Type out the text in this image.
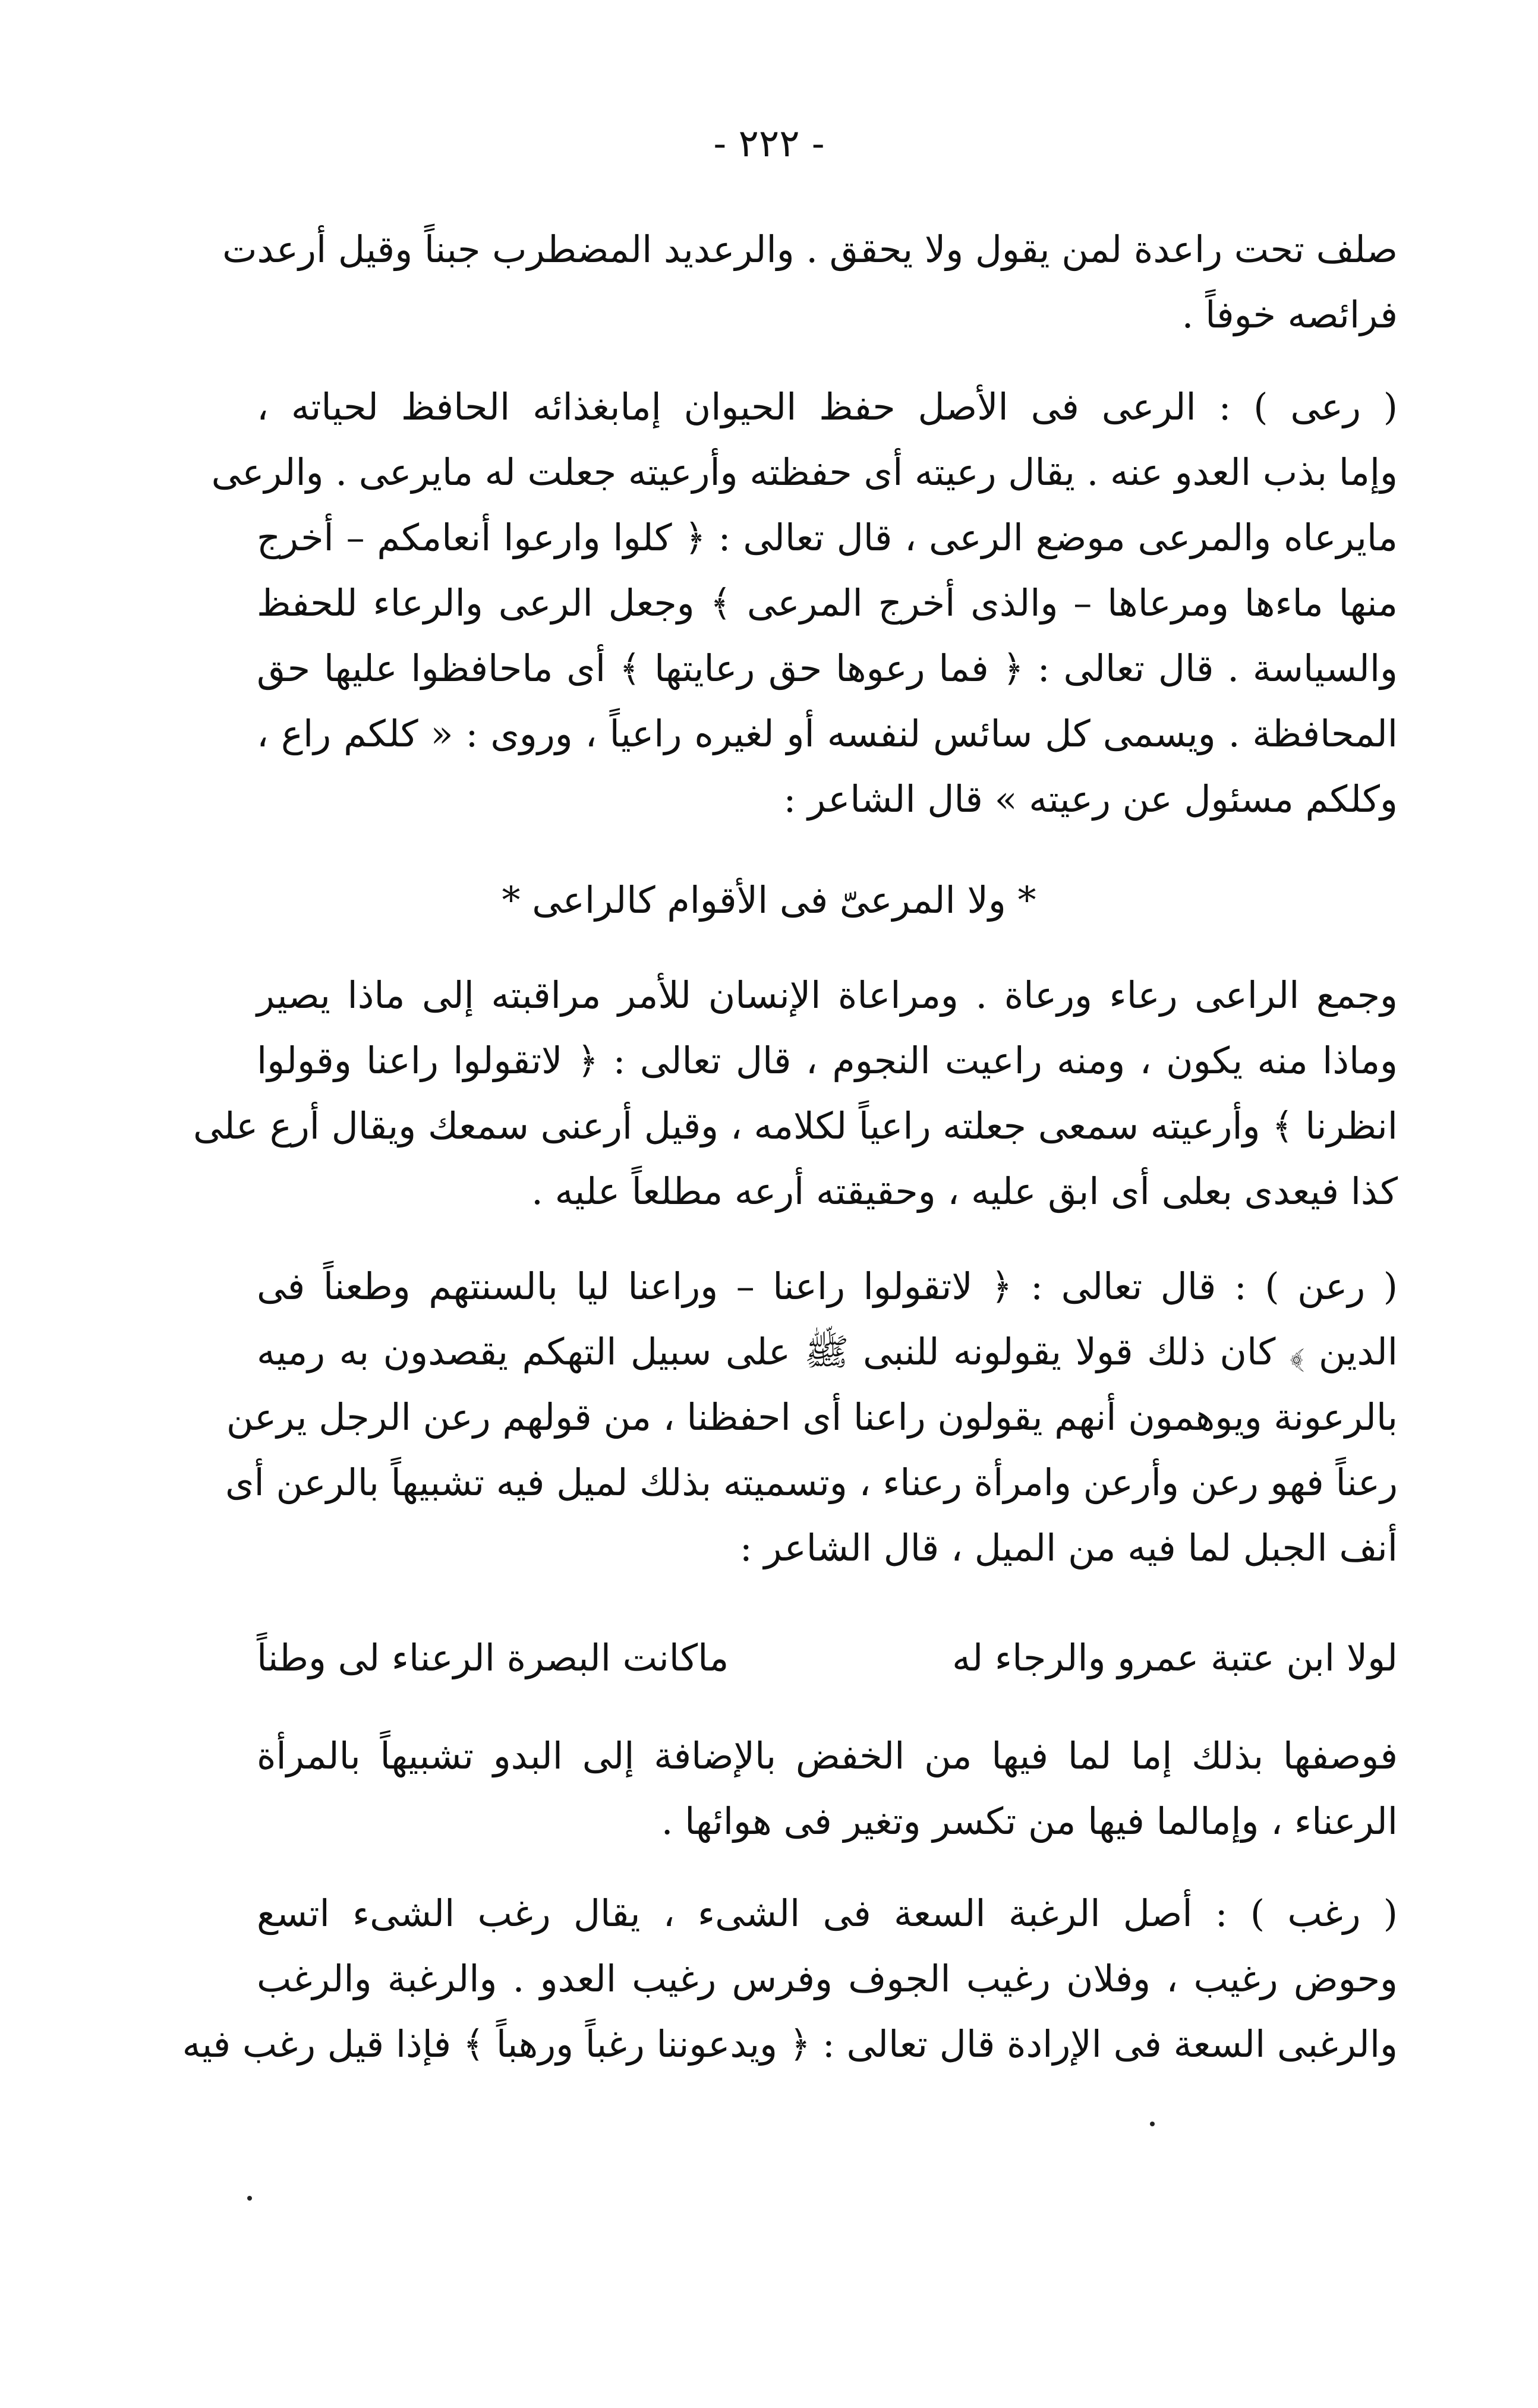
- ٢٢٢ -
صلف تحت راعدة لمن يقول ولا يحقق . والرعديد المضطرب جبناً وقيل أرعدت
فرائصه خوفاً .
( رعى ) : الرعى فى الأصل حفظ الحيوان إمابغذائه الحافظ لحياته ،
وإما بذب العدو عنه . يقال رعيته أى حفظته وأرعيته جعلت له مايرعى . والرعى
مايرعاه والمرعى موضع الرعى ، قال تعالى : ﴿ كلوا وارعوا أنعامكم – أخرج
منها ماءها ومرعاها – والذى أخرج المرعى ﴾ وجعل الرعى والرعاء للحفظ
والسياسة . قال تعالى : ﴿ فما رعوها حق رعايتها ﴾ أى ماحافظوا عليها حق
المحافظة . ويسمى كل سائس لنفسه أو لغيره راعياً ، وروى : « كلكم راع ،
وكلكم مسئول عن رعيته » قال الشاعر :
* ولا المرعىّ فى الأقوام كالراعى *
وجمع الراعى رعاء ورعاة . ومراعاة الإنسان للأمر مراقبته إلى ماذا يصير
وماذا منه يكون ، ومنه راعيت النجوم ، قال تعالى : ﴿ لاتقولوا راعنا وقولوا
انظرنا ﴾ وأرعيته سمعى جعلته راعياً لكلامه ، وقيل أرعنى سمعك ويقال أرع على
كذا فيعدى بعلى أى ابق عليه ، وحقيقته أرعه مطلعاً عليه .
( رعن ) : قال تعالى : ﴿ لاتقولوا راعنا – وراعنا ليا بالسنتهم وطعناً فى
الدين ﴾ كان ذلك قولا يقولونه للنبى ﷺ على سبيل التهكم يقصدون به رميه
بالرعونة ويوهمون أنهم يقولون راعنا أى احفظنا ، من قولهم رعن الرجل يرعن
رعناً فهو رعن وأرعن وامرأة رعناء ، وتسميته بذلك لميل فيه تشبيهاً بالرعن أى
أنف الجبل لما فيه من الميل ، قال الشاعر :
لولا ابن عتبة عمرو والرجاء له
ماكانت البصرة الرعناء لى وطناً
فوصفها بذلك إما لما فيها من الخفض بالإضافة إلى البدو تشبيهاً بالمرأة
الرعناء ، وإمالما فيها من تكسر وتغير فى هوائها .
( رغب ) : أصل الرغبة السعة فى الشىء ، يقال رغب الشىء اتسع
وحوض رغيب ، وفلان رغيب الجوف وفرس رغيب العدو . والرغبة والرغب
والرغبى السعة فى الإرادة قال تعالى : ﴿ ويدعوننا رغباً ورهباً ﴾ فإذا قيل رغب فيه
